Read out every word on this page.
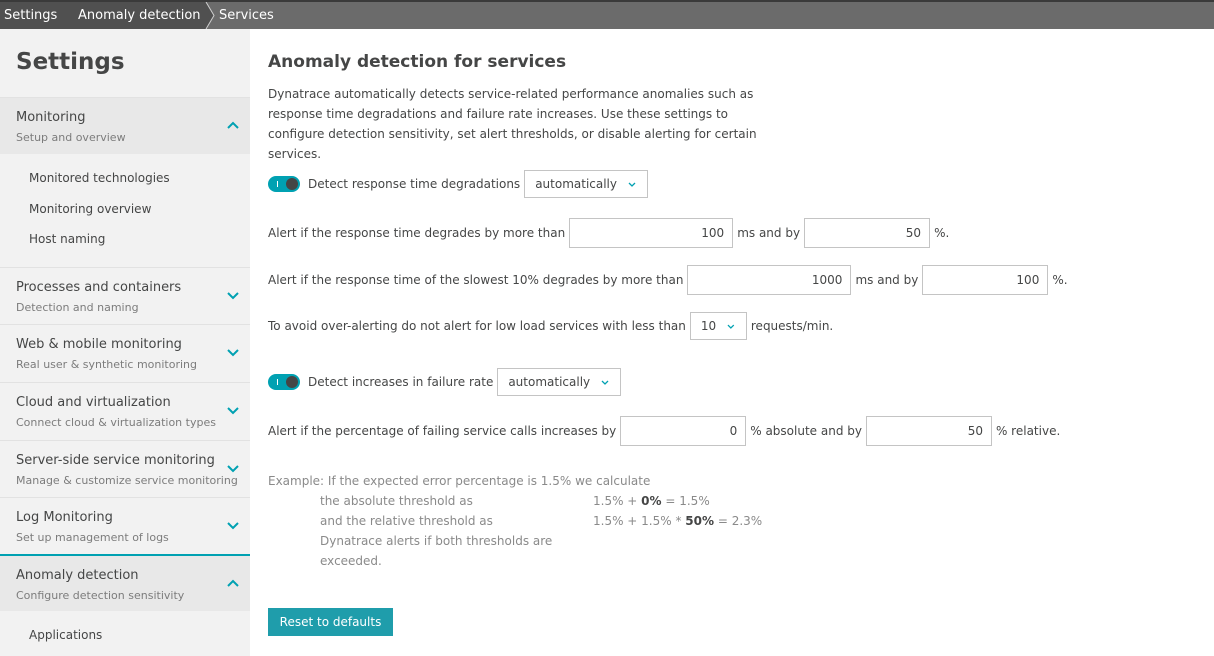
Settings	Anomaly detection	Services
Settings
Monitoring
Setup and overview
Monitored technologies
Monitoring overview
Host naming
Processes and containers
Detection and naming
Web & mobile monitoring
Real user & synthetic monitoring
Cloud and virtualization
Connect cloud & virtualization types
Server-side service monitoring
Manage & customize service monitoring
Log Monitoring
Set up management of logs
Anomaly detection
Configure detection sensitivity
Applications
Anomaly detection for services
Dynatrace automatically detects service-related performance anomalies such as response time degradations and failure rate increases. Use these settings to configure detection sensitivity, set alert thresholds, or disable alerting for certain services.
Detect response time degradations automatically
Alert if the response time degrades by more than
100	ms and by
50	%.
Alert if the response time of the slowest 10% degrades by more than
1000	ms and by
100	%.
To avoid over-alerting do not alert for low load services with less than 10	requests/min.
Detect increases in failure rate automatically
Alert if the percentage of failing service calls increases by
0	% absolute and by
50	% relative.
Example: If the expected error percentage is 1.5% we calculate
the absolute threshold as	1.5% + 0% = 1.5%
and the relative threshold as	1.5% + 1.5% * 50% = 2.3%
Dynatrace alerts if both thresholds are
exceeded.
Reset to defaults
